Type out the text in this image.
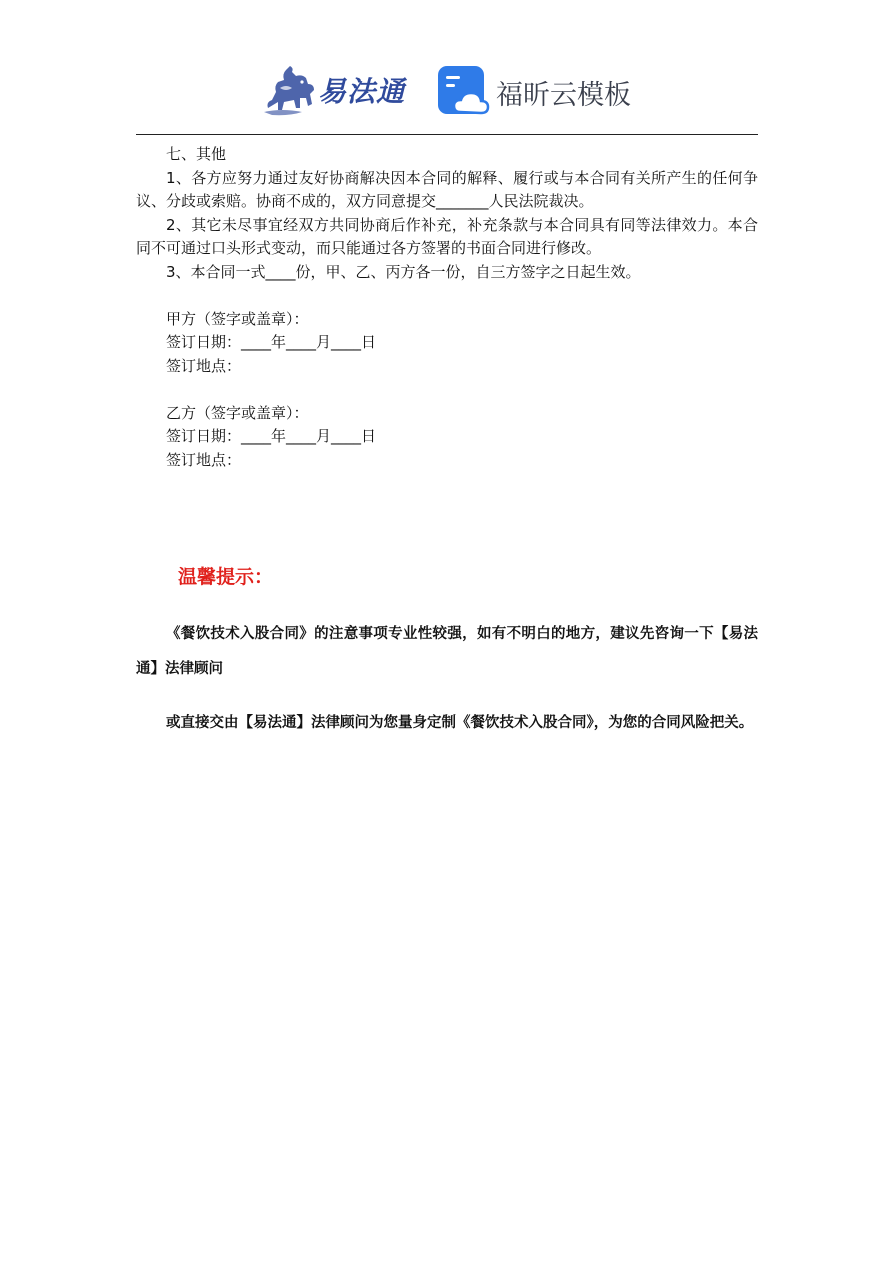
易法通	福昕云模板

七、其他

1、各方应努力通过友好协商解决因本合同的解释、履行或与本合同有关所产生的任何争议、分歧或索赔。协商不成的，双方同意提交_______人民法院裁决。

2、其它未尽事宜经双方共同协商后作补充，补充条款与本合同具有同等法律效力。本合同不可通过口头形式变动，而只能通过各方签署的书面合同进行修改。

3、本合同一式____份，甲、乙、丙方各一份，自三方签字之日起生效。

甲方（签字或盖章）：

签订日期：____年____月____日

签订地点：

乙方（签字或盖章）：

签订日期：____年____月____日

签订地点：

温馨提示：

《餐饮技术入股合同》的注意事项专业性较强，如有不明白的地方，建议先咨询一下【易法通】法律顾问

或直接交由【易法通】法律顾问为您量身定制《餐饮技术入股合同》，为您的合同风险把关。
